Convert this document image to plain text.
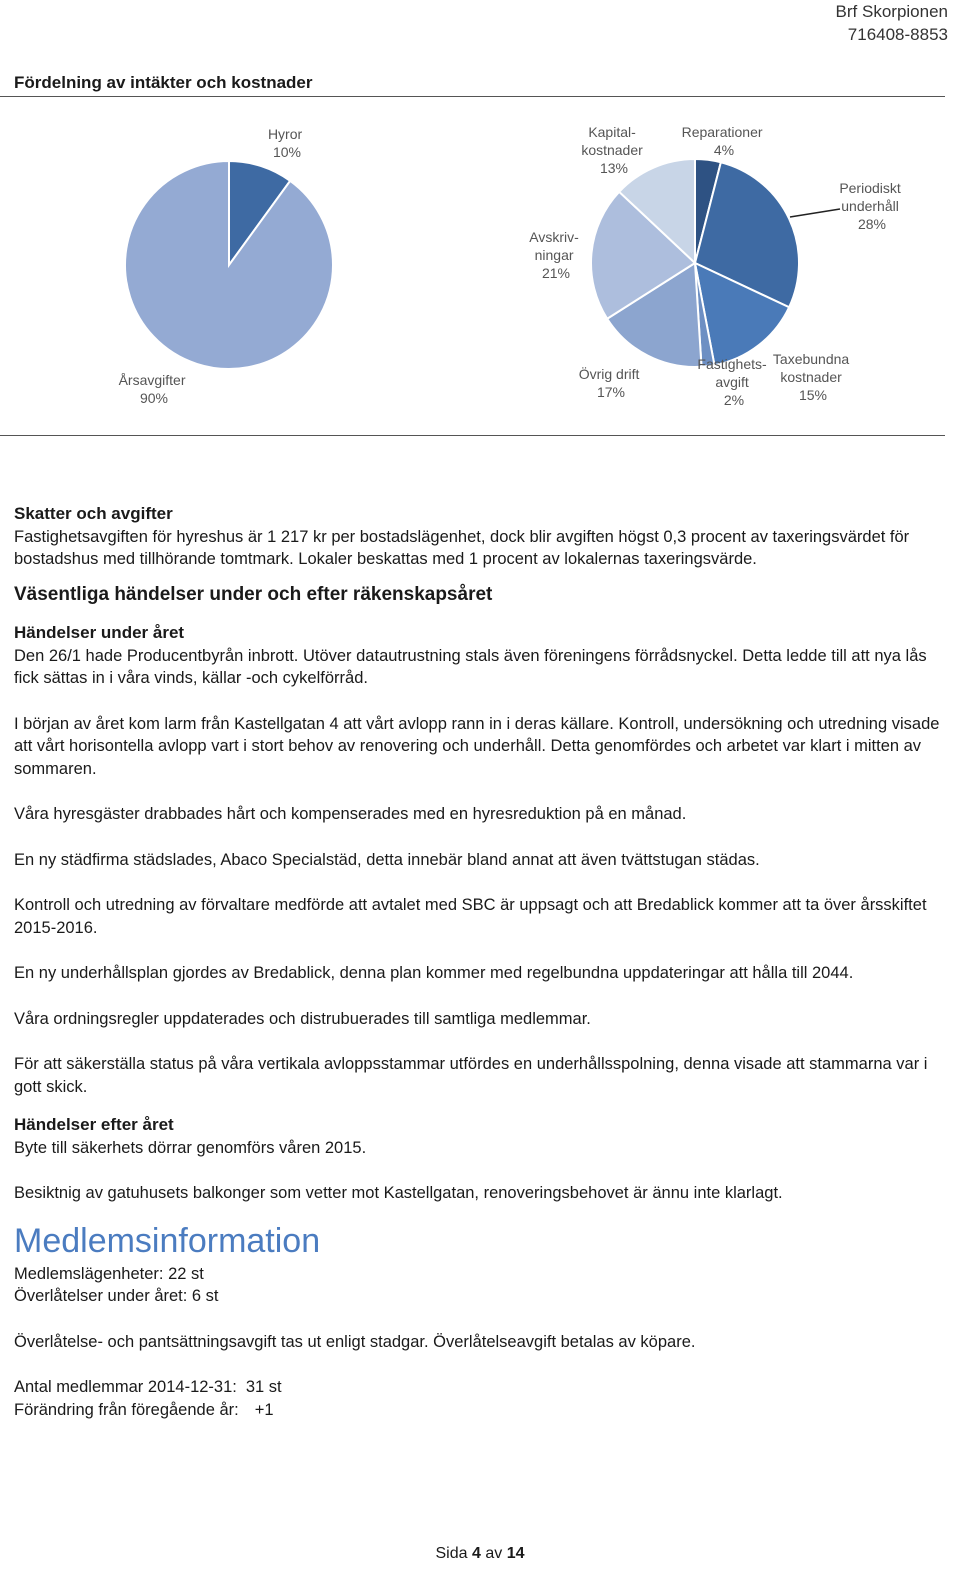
Brf Skorpionen
716408-8853
Fördelning av intäkter och kostnader
Hyror 10%
Årsavgifter 90%
Kapital- kostnader 13%
Reparationer 4%
Periodiskt underhåll 28%
Avskriv- ningar 21%
Övrig drift 17%
Fastighets- avgift 2%
Taxebundna kostnader 15%

Skatter och avgifter

Fastighetsavgiften för hyreshus är 1 217 kr per bostadslägenhet, dock blir avgiften högst 0,3 procent av taxeringsvärdet för bostadshus med tillhörande tomtmark. Lokaler beskattas med 1 procent av lokalernas taxeringsvärde.

Väsentliga händelser under och efter räkenskapsåret

Händelser under året

Den 26/1 hade Producentbyrån inbrott. Utöver datautrustning stals även föreningens förrådsnyckel. Detta ledde till att nya lås fick sättas in i våra vinds, källar -och cykelförråd.

I början av året kom larm från Kastellgatan 4 att vårt avlopp rann in i deras källare. Kontroll, undersökning och utredning visade att vårt horisontella avlopp vart i stort behov av renovering och underhåll. Detta genomfördes och arbetet var klart i mitten av sommaren.

Våra hyresgäster drabbades hårt och kompenserades med en hyresreduktion på en månad.

En ny städfirma städslades, Abaco Specialstäd, detta innebär bland annat att även tvättstugan städas.

Kontroll och utredning av förvaltare medförde att avtalet med SBC är uppsagt och att Bredablick kommer att ta över årsskiftet 2015-2016.

En ny underhållsplan gjordes av Bredablick, denna plan kommer med regelbundna uppdateringar att hålla till 2044.

Våra ordningsregler uppdaterades och distrubuerades till samtliga medlemmar.

För att säkerställa status på våra vertikala avloppsstammar utfördes en underhållsspolning, denna visade att stammarna var i gott skick.

Händelser efter året

Byte till säkerhets dörrar genomförs våren 2015.

Besiktnig av gatuhusets balkonger som vetter mot Kastellgatan, renoveringsbehovet är ännu inte klarlagt.

Medlemsinformation

Medlemslägenheter: 22 st

Överlåtelser under året: 6 st

Överlåtelse- och pantsättningsavgift tas ut enligt stadgar. Överlåtelseavgift betalas av köpare.

Antal medlemmar 2014-12-31: 31 st

Förändring från föregående år: +1

Sida 4 av 14
